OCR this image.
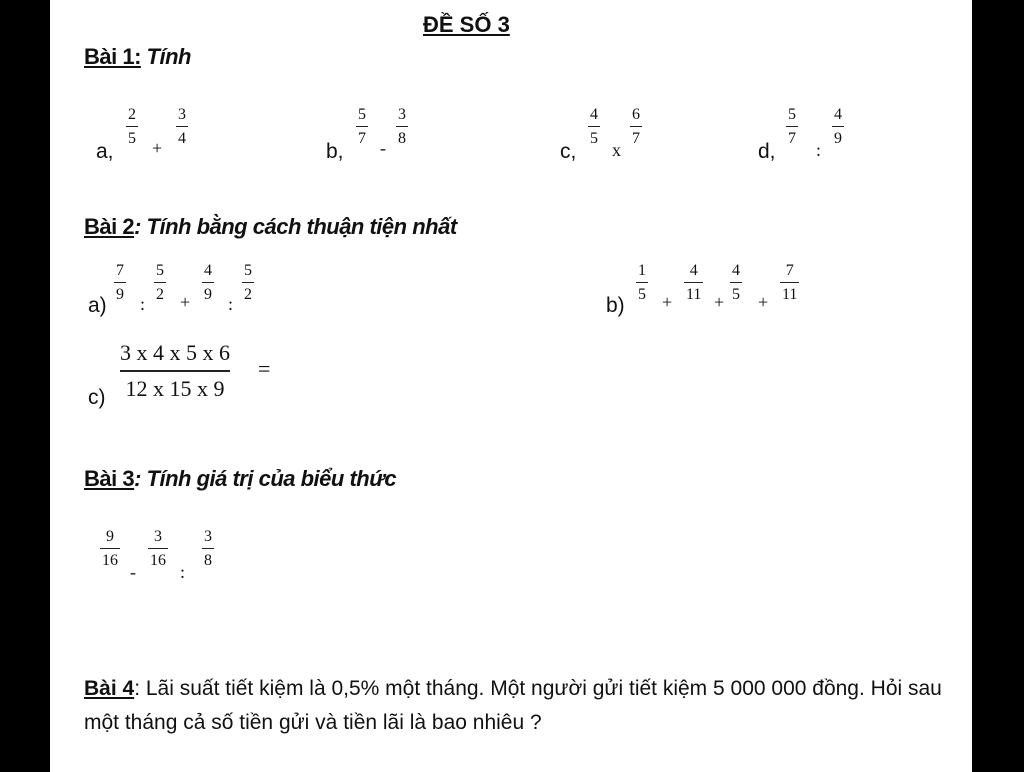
ĐỀ SỐ 3
Bài 1: Tính
a,
2
5 +
3
4
b,
5
7 -
3
8
c,
4
5
x
6
7
d,
5
7
:
4
9
Bài 2: Tính bằng cách thuận tiện nhất
a)
7
9 :
5
2 +
4
9 :
5
2	b)
1
5 +
4
11 +
4
5 +
7
11
c)
3 x 4 x 5 x 6
12 x 15 x 9
=
Bài 3: Tính giá trị của biểu thức
9
16
-
3
16
:
3
8
Bài 4: Lãi suất tiết kiệm là 0,5% một tháng. Một người gửi tiết kiệm 5 000 000 đồng. Hỏi sau một tháng cả số tiền gửi và tiền lãi là bao nhiêu ?
